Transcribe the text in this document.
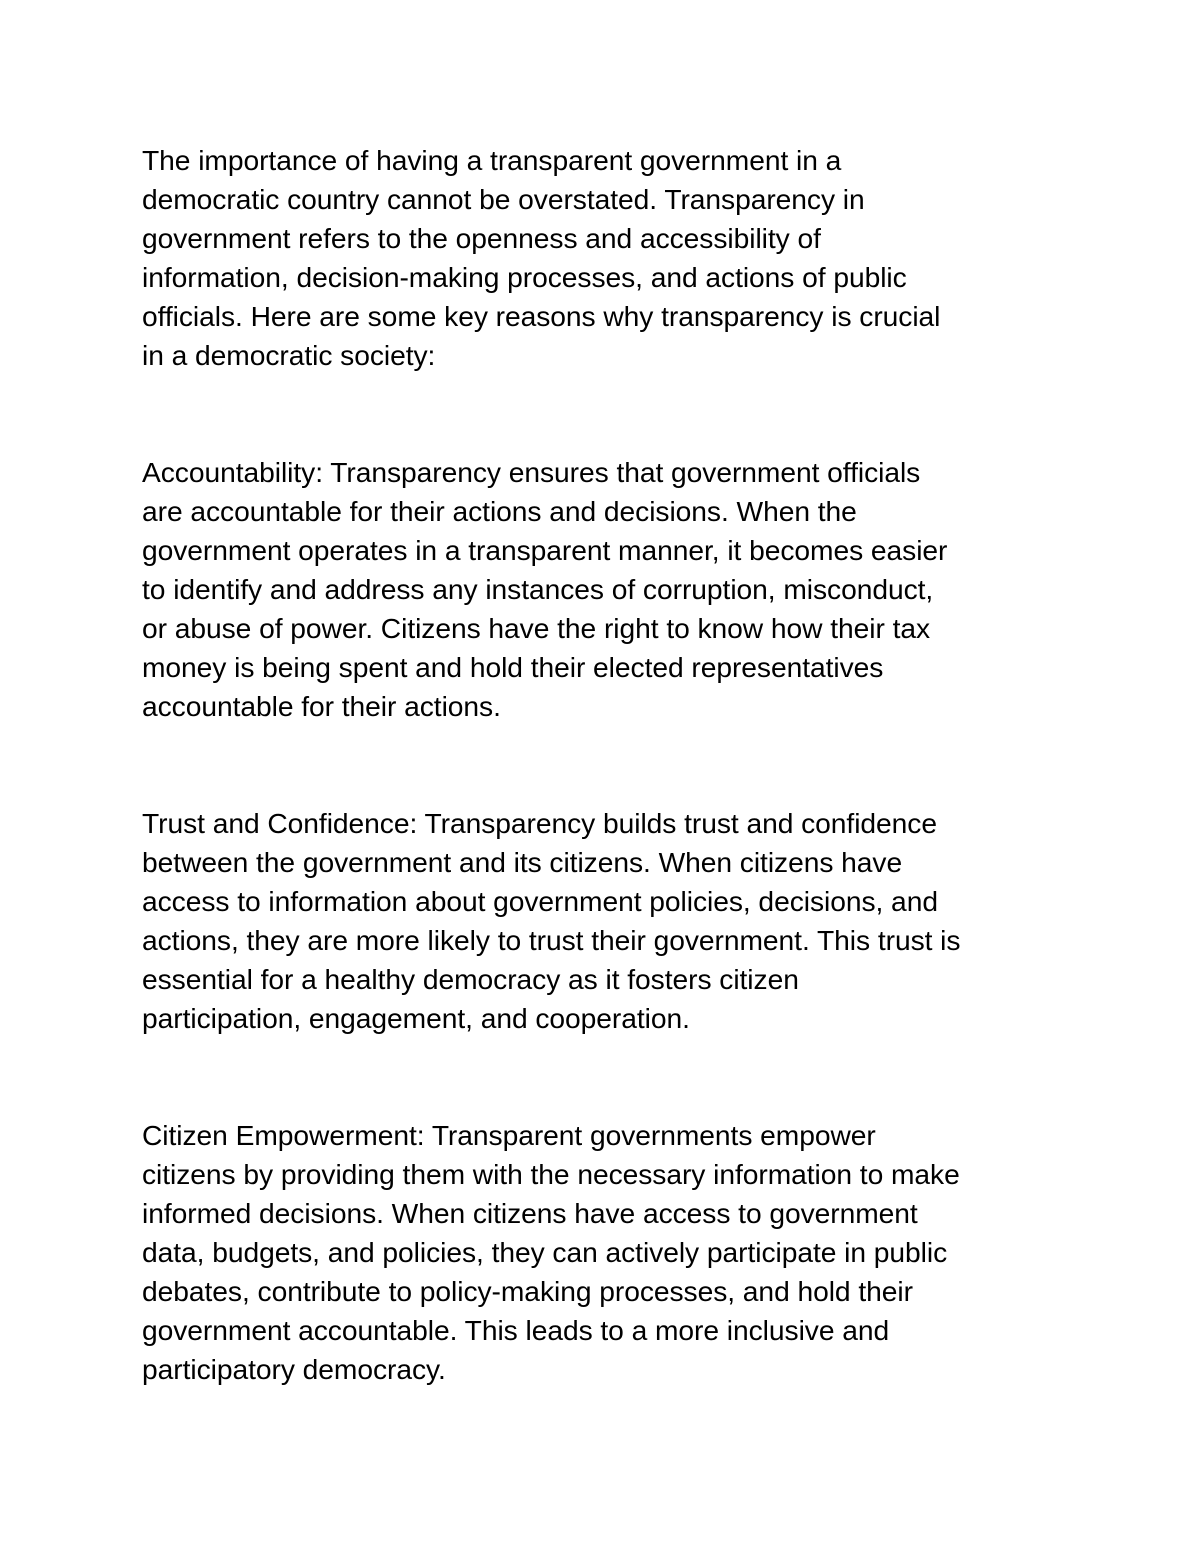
The importance of having a transparent government in a
democratic country cannot be overstated. Transparency in
government refers to the openness and accessibility of
information, decision-making processes, and actions of public
officials. Here are some key reasons why transparency is crucial
in a democratic society:

Accountability: Transparency ensures that government officials
are accountable for their actions and decisions. When the
government operates in a transparent manner, it becomes easier
to identify and address any instances of corruption, misconduct,
or abuse of power. Citizens have the right to know how their tax
money is being spent and hold their elected representatives
accountable for their actions.

Trust and Confidence: Transparency builds trust and confidence
between the government and its citizens. When citizens have
access to information about government policies, decisions, and
actions, they are more likely to trust their government. This trust is
essential for a healthy democracy as it fosters citizen
participation, engagement, and cooperation.

Citizen Empowerment: Transparent governments empower
citizens by providing them with the necessary information to make
informed decisions. When citizens have access to government
data, budgets, and policies, they can actively participate in public
debates, contribute to policy-making processes, and hold their
government accountable. This leads to a more inclusive and
participatory democracy.
